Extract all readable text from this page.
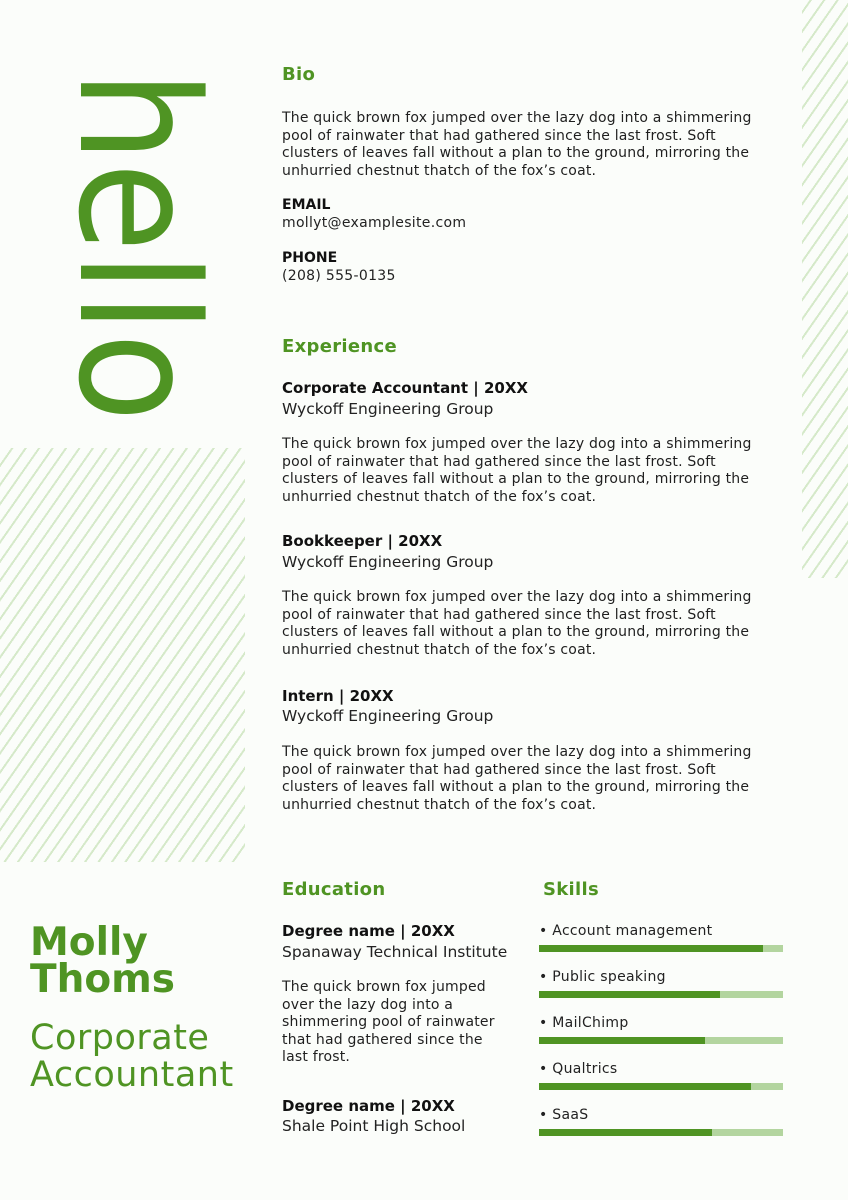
hello	Bio
The quick brown fox jumped over the lazy dog into a shimmering
pool of rainwater that had gathered since the last frost. Soft
clusters of leaves fall without a plan to the ground, mirroring the
unhurried chestnut thatch of the fox’s coat.
EMAIL
mollyt@examplesite.com
PHONE
(208) 555-0135
Experience
Corporate Accountant | 20XX
Wyckoff Engineering Group
The quick brown fox jumped over the lazy dog into a shimmering
pool of rainwater that had gathered since the last frost. Soft
clusters of leaves fall without a plan to the ground, mirroring the
unhurried chestnut thatch of the fox’s coat.
Bookkeeper | 20XX
Wyckoff Engineering Group
The quick brown fox jumped over the lazy dog into a shimmering
pool of rainwater that had gathered since the last frost. Soft
clusters of leaves fall without a plan to the ground, mirroring the
unhurried chestnut thatch of the fox’s coat.
Intern | 20XX
Wyckoff Engineering Group
The quick brown fox jumped over the lazy dog into a shimmering
pool of rainwater that had gathered since the last frost. Soft
clusters of leaves fall without a plan to the ground, mirroring the
unhurried chestnut thatch of the fox’s coat.
Molly
Thoms
Corporate
Accountant
Education
Degree name | 20XX
Spanaway Technical Institute
The quick brown fox jumped
over the lazy dog into a
shimmering pool of rainwater
that had gathered since the
last frost.
Degree name | 20XX
Shale Point High School
Skills
• Account management
• Public speaking
• MailChimp
• Qualtrics
• SaaS
